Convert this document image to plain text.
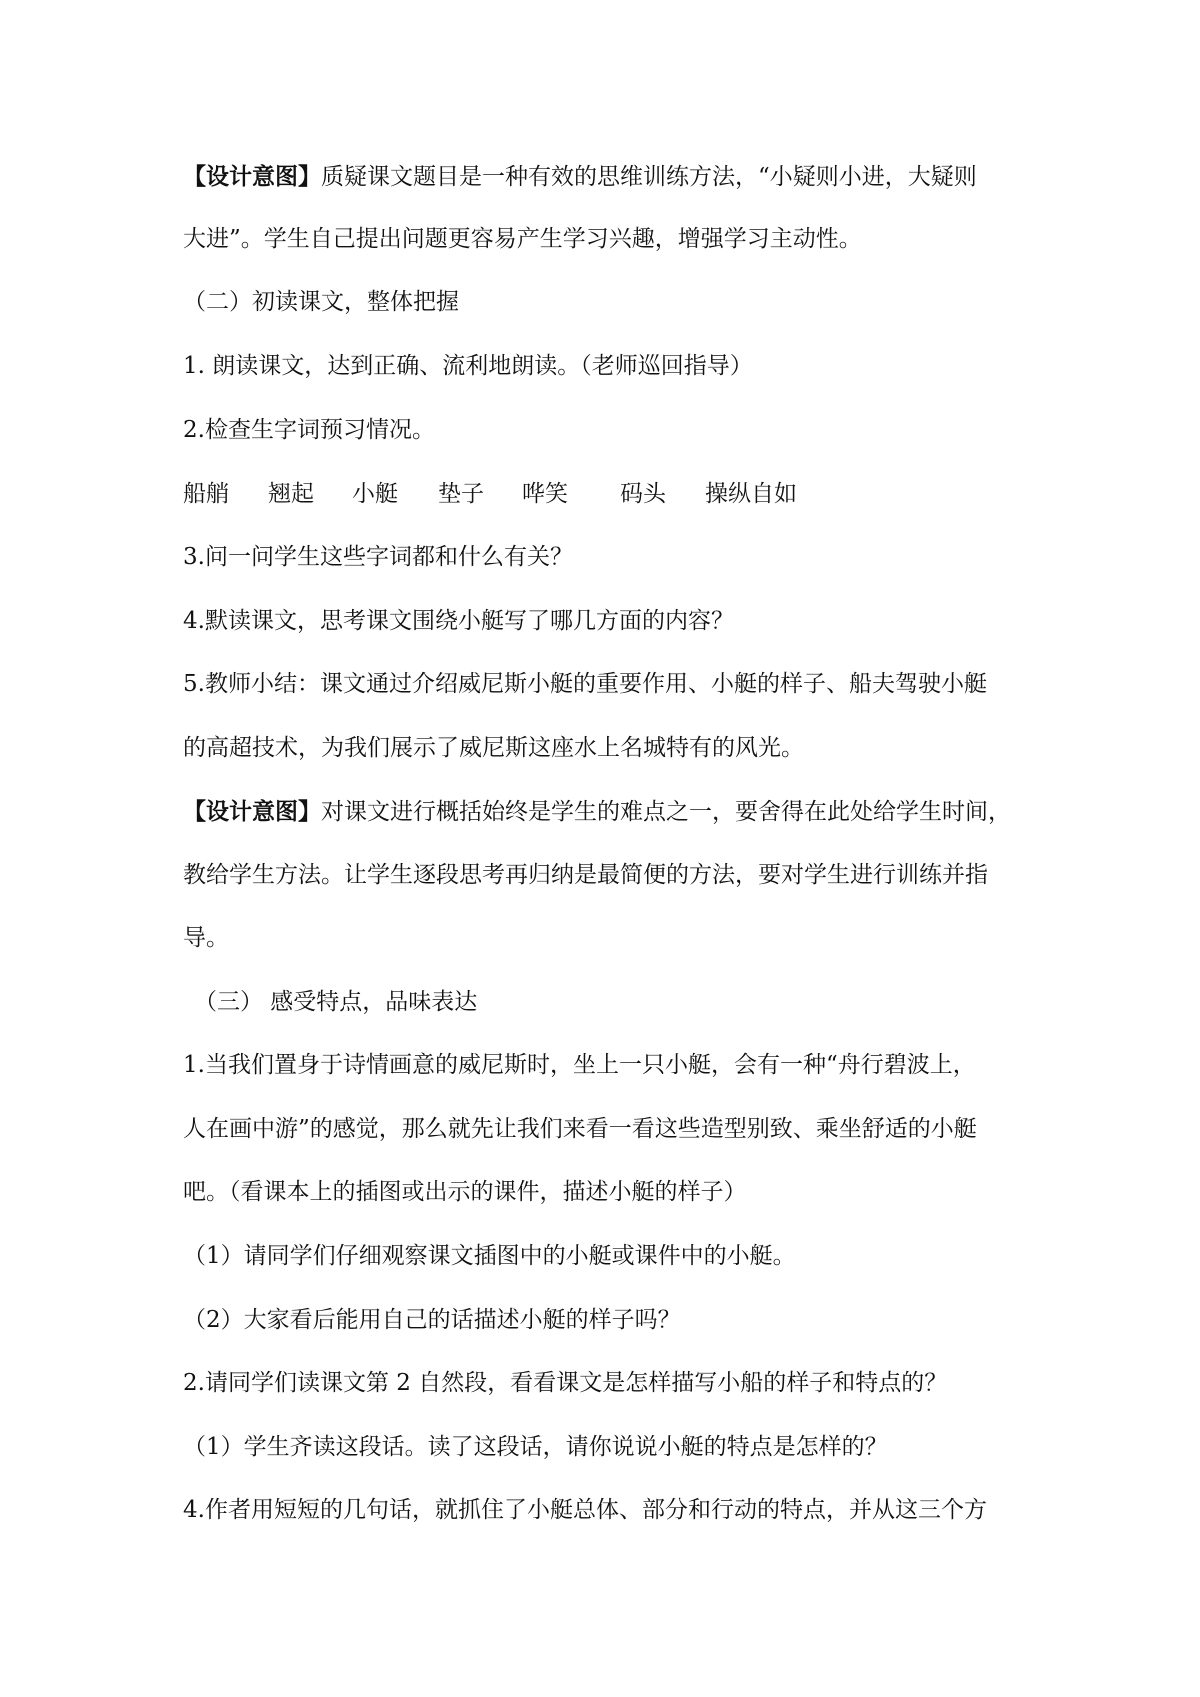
【设计意图】质疑课文题目是一种有效的思维训练方法，“小疑则小进，大疑则
大进”。学生自己提出问题更容易产生学习兴趣，增强学习主动性。
（二）初读课文，整体把握
1. 朗读课文，达到正确、流利地朗读。（老师巡回指导）
2.检查生字词预习情况。
船艄 翘起 小艇 垫子 哗笑 码头 操纵自如
3.问一问学生这些字词都和什么有关？
4.默读课文，思考课文围绕小艇写了哪几方面的内容？
5.教师小结：课文通过介绍威尼斯小艇的重要作用、小艇的样子、船夫驾驶小艇
的高超技术，为我们展示了威尼斯这座水上名城特有的风光。
【设计意图】对课文进行概括始终是学生的难点之一，要舍得在此处给学生时间，
教给学生方法。让学生逐段思考再归纳是最简便的方法，要对学生进行训练并指
导。
（三） 感受特点，品味表达
1.当我们置身于诗情画意的威尼斯时，坐上一只小艇，会有一种“舟行碧波上，
人在画中游”的感觉，那么就先让我们来看一看这些造型别致、乘坐舒适的小艇
吧。（看课本上的插图或出示的课件，描述小艇的样子）
（1）请同学们仔细观察课文插图中的小艇或课件中的小艇。
（2）大家看后能用自己的话描述小艇的样子吗？
2.请同学们读课文第 2 自然段，看看课文是怎样描写小船的样子和特点的？
（1）学生齐读这段话。读了这段话，请你说说小艇的特点是怎样的？
4.作者用短短的几句话，就抓住了小艇总体、部分和行动的特点，并从这三个方
